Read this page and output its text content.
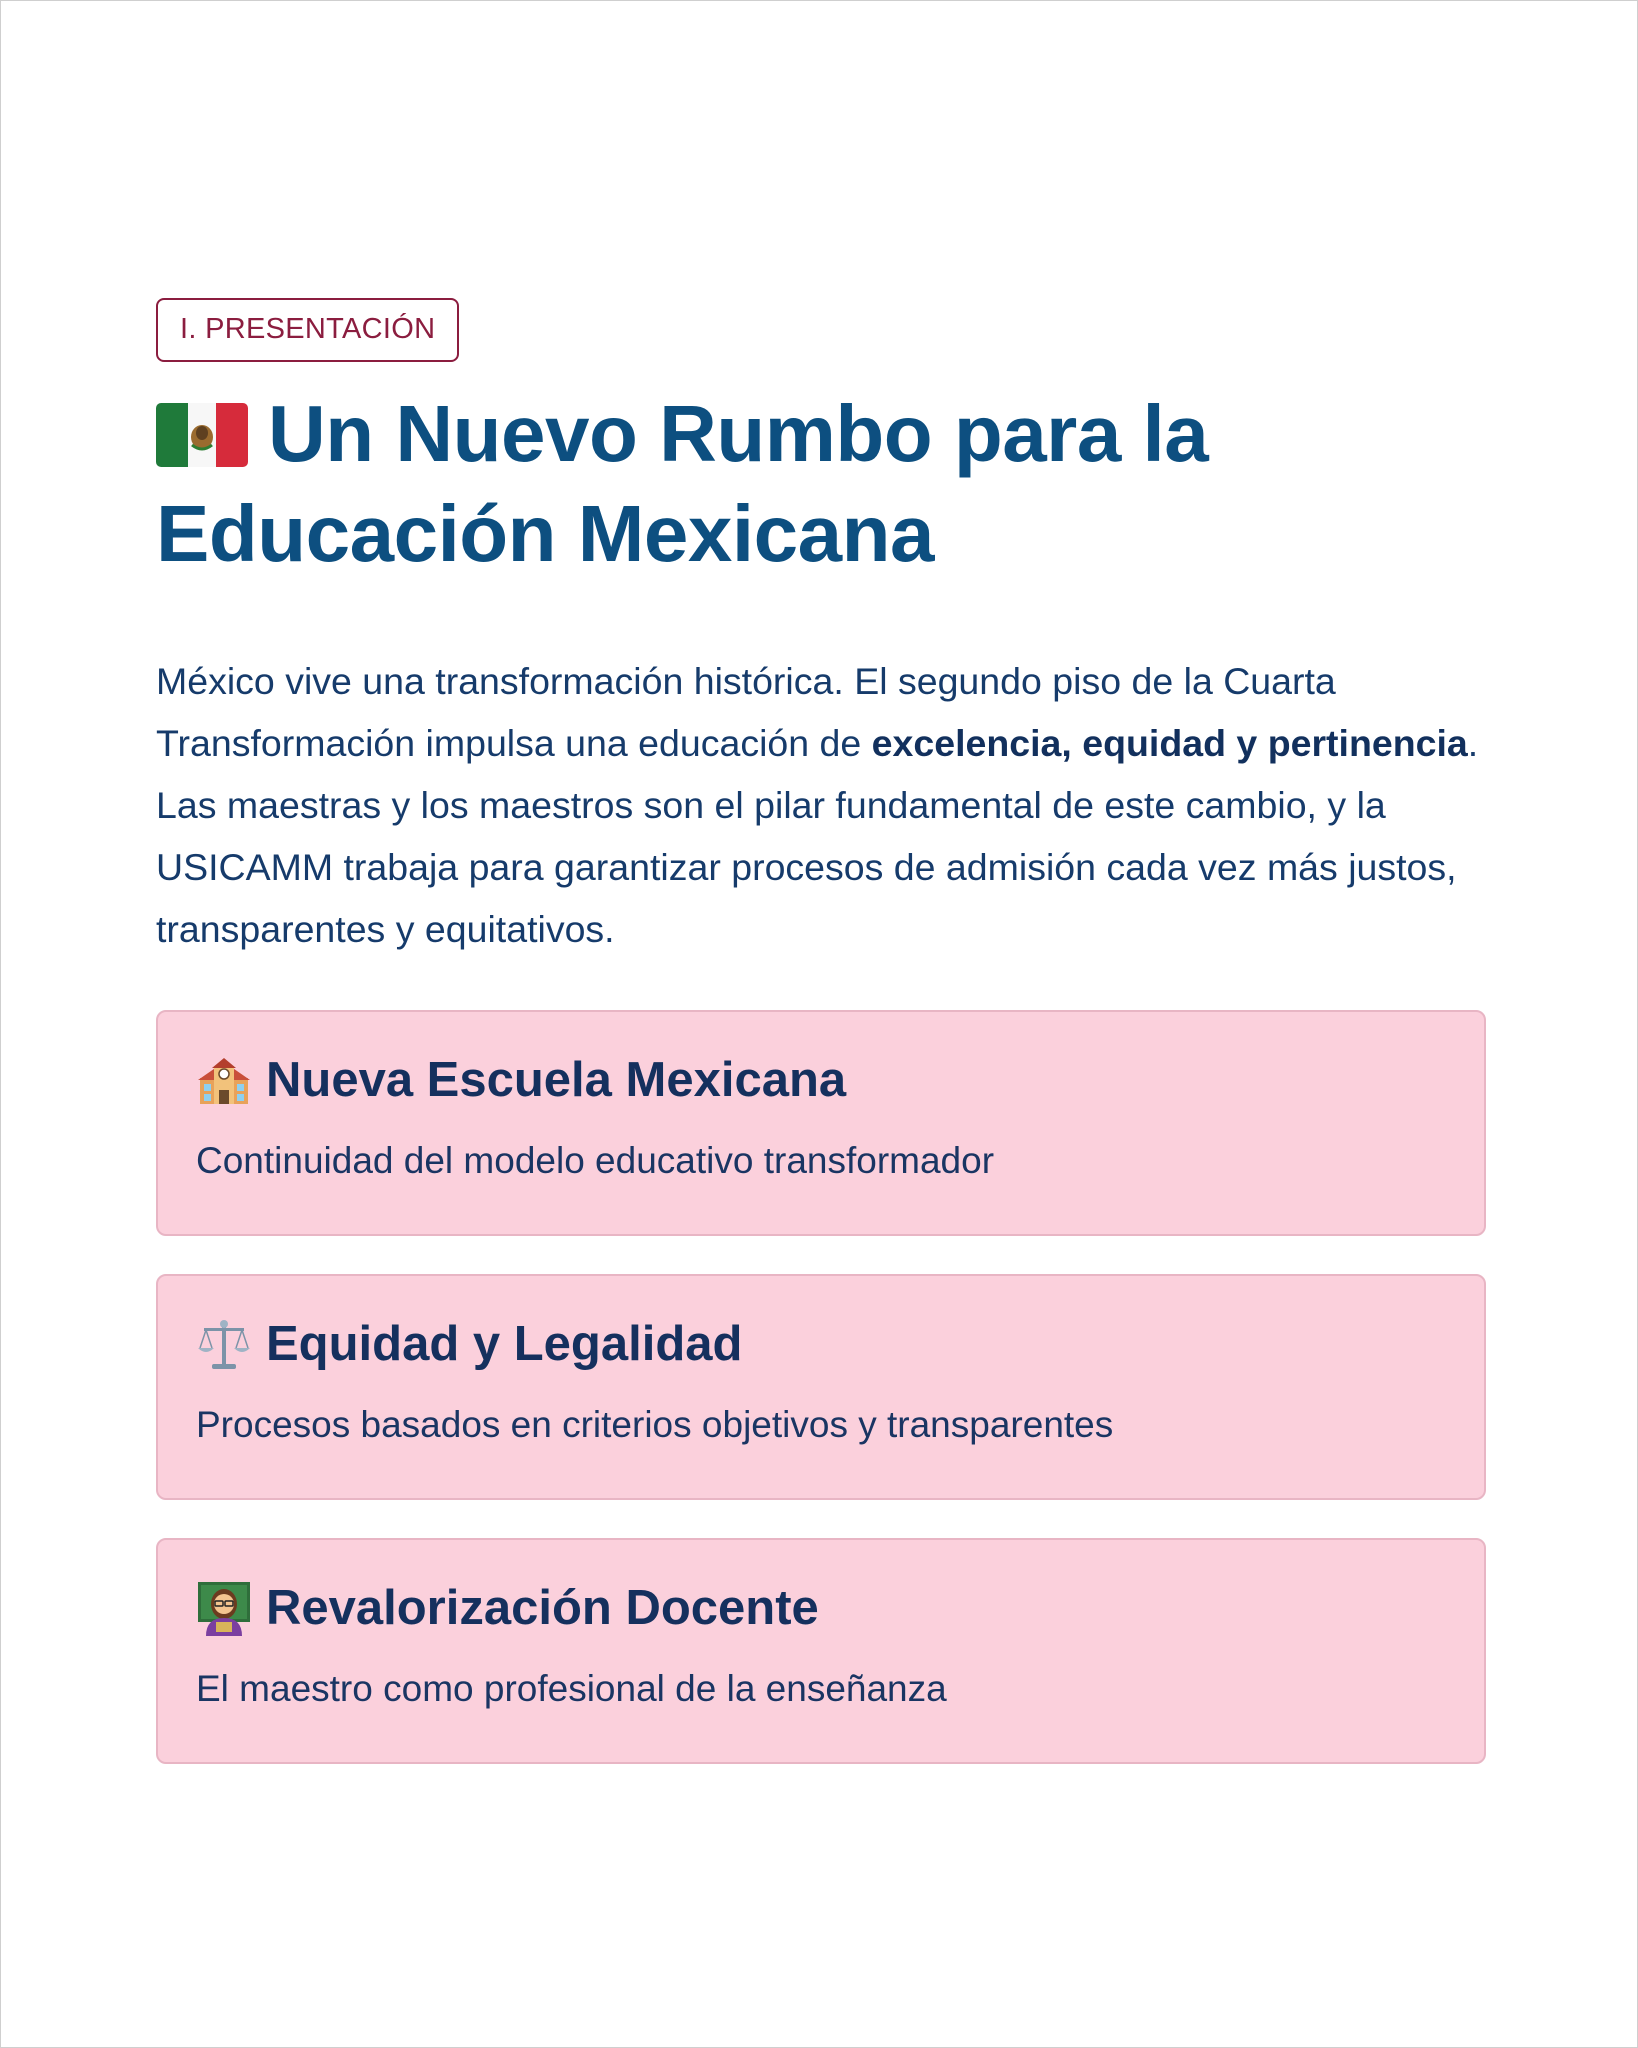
I. PRESENTACIÓN
Un Nuevo Rumbo para la Educación Mexicana

México vive una transformación histórica. El segundo piso de la Cuarta Transformación impulsa una educación de excelencia, equidad y pertinencia. Las maestras y los maestros son el pilar fundamental de este cambio, y la USICAMM trabaja para garantizar procesos de admisión cada vez más justos, transparentes y equitativos.

Nueva Escuela Mexicana
Continuidad del modelo educativo transformador
Equidad y Legalidad
Procesos basados en criterios objetivos y transparentes
Revalorización Docente
El maestro como profesional de la enseñanza
